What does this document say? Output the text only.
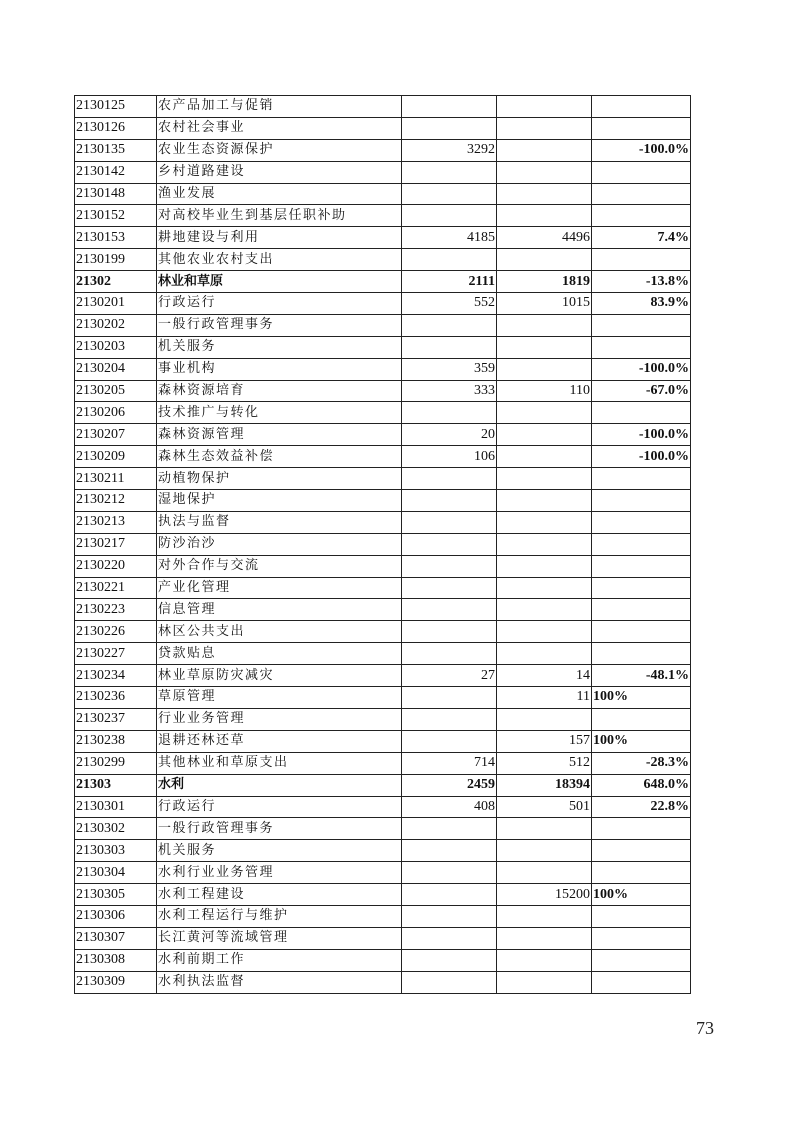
2130125	农产品加工与促销			
2130126	农村社会事业			
2130135	农业生态资源保护	3292		-100.0%
2130142	乡村道路建设			
2130148	渔业发展			
2130152	对高校毕业生到基层任职补助			
2130153	耕地建设与利用	4185	4496	7.4%
2130199	其他农业农村支出			
21302	林业和草原	2111	1819	-13.8%
2130201	行政运行	552	1015	83.9%
2130202	一般行政管理事务			
2130203	机关服务			
2130204	事业机构	359		-100.0%
2130205	森林资源培育	333	110	-67.0%
2130206	技术推广与转化			
2130207	森林资源管理	20		-100.0%
2130209	森林生态效益补偿	106		-100.0%
2130211	动植物保护			
2130212	湿地保护			
2130213	执法与监督			
2130217	防沙治沙			
2130220	对外合作与交流			
2130221	产业化管理			
2130223	信息管理			
2130226	林区公共支出			
2130227	贷款贴息			
2130234	林业草原防灾减灾	27	14	-48.1%
2130236	草原管理		11	100%
2130237	行业业务管理			
2130238	退耕还林还草		157	100%
2130299	其他林业和草原支出	714	512	-28.3%
21303	水利	2459	18394	648.0%
2130301	行政运行	408	501	22.8%
2130302	一般行政管理事务			
2130303	机关服务			
2130304	水利行业业务管理			
2130305	水利工程建设		15200	100%
2130306	水利工程运行与维护			
2130307	长江黄河等流域管理			
2130308	水利前期工作			
2130309	水利执法监督			
73
